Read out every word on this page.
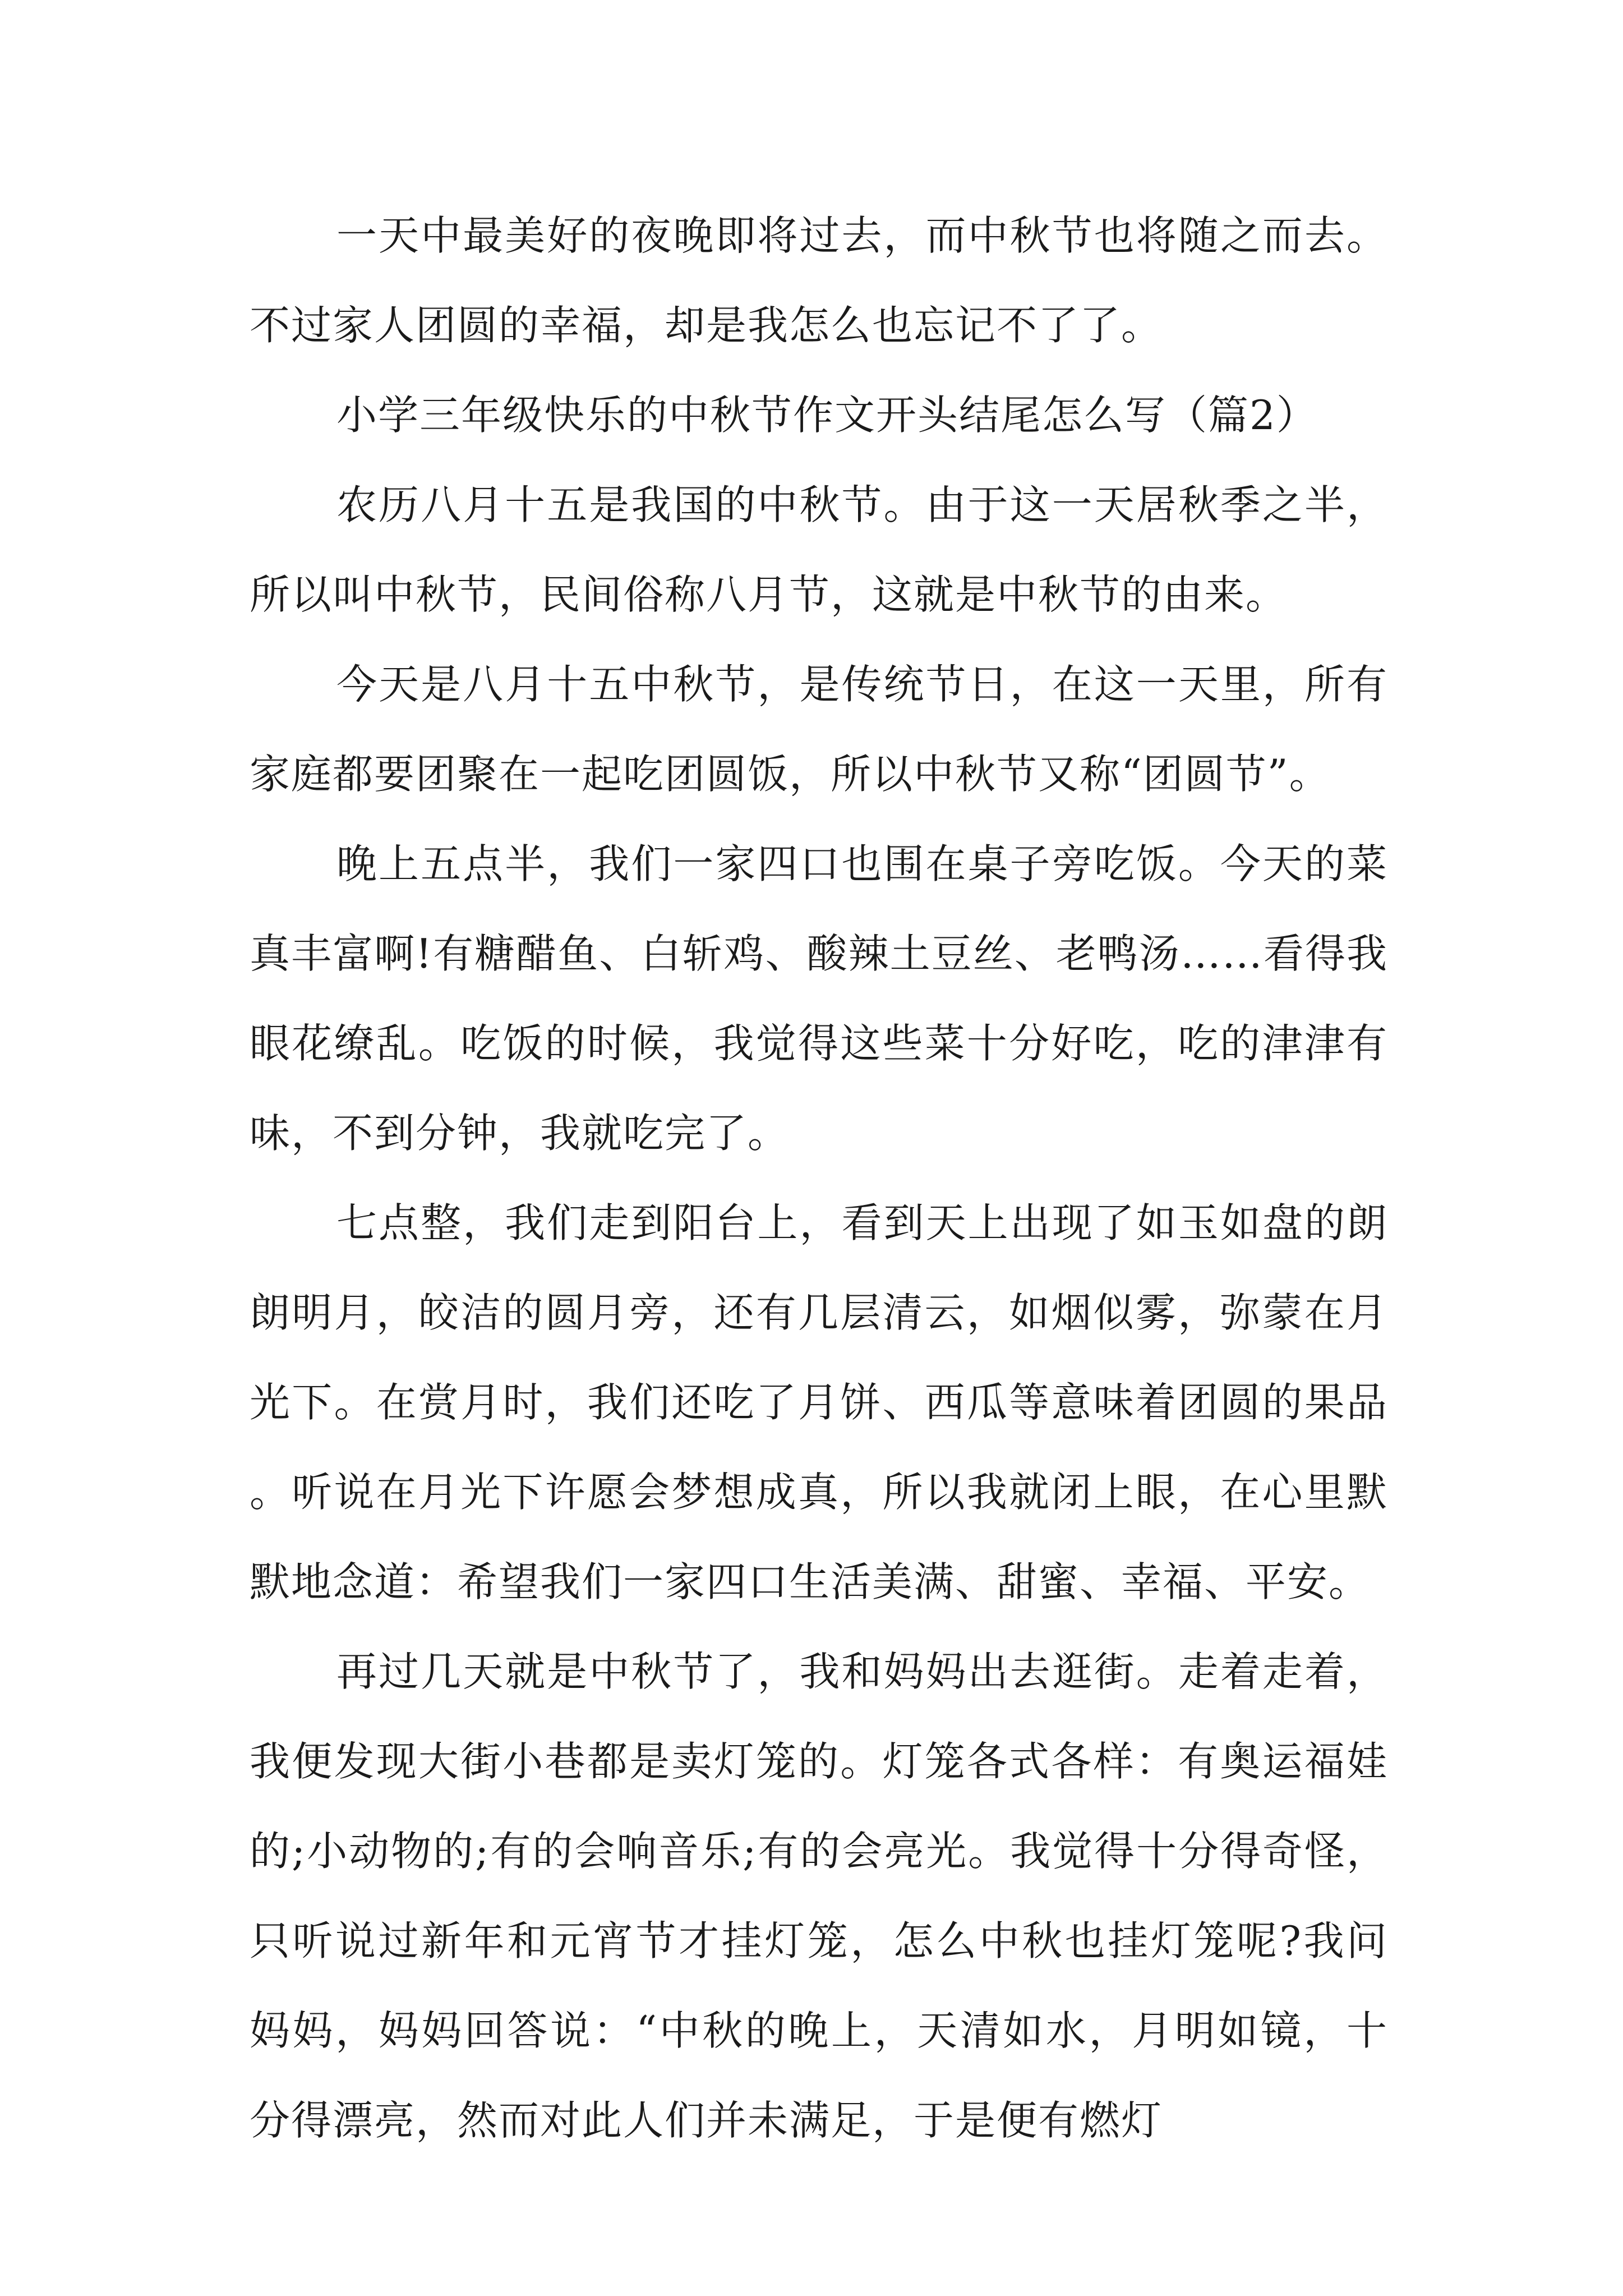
一天中最美好的夜晚即将过去，而中秋节也将随之而去。不过家人团圆的幸福，却是我怎么也忘记不了了。

小学三年级快乐的中秋节作文开头结尾怎么写（篇2）

农历八月十五是我国的中秋节。由于这一天居秋季之半，所以叫中秋节，民间俗称八月节，这就是中秋节的由来。

今天是八月十五中秋节，是传统节日，在这一天里，所有家庭都要团聚在一起吃团圆饭，所以中秋节又称“团圆节”。

晚上五点半，我们一家四口也围在桌子旁吃饭。今天的菜真丰富啊!有糖醋鱼、白斩鸡、酸辣土豆丝、老鸭汤……看得我眼花缭乱。吃饭的时候，我觉得这些菜十分好吃，吃的津津有味，不到分钟，我就吃完了。

七点整，我们走到阳台上，看到天上出现了如玉如盘的朗朗明月，皎洁的圆月旁，还有几层清云，如烟似雾，弥蒙在月光下。在赏月时，我们还吃了月饼、西瓜等意味着团圆的果品。听说在月光下许愿会梦想成真，所以我就闭上眼，在心里默默地念道：希望我们一家四口生活美满、甜蜜、幸福、平安。

再过几天就是中秋节了，我和妈妈出去逛街。走着走着，我便发现大街小巷都是卖灯笼的。灯笼各式各样：有奥运福娃的;小动物的;有的会响音乐;有的会亮光。我觉得十分得奇怪，只听说过新年和元宵节才挂灯笼，怎么中秋也挂灯笼呢?我问妈妈，妈妈回答说：“中秋的晚上，天清如水，月明如镜，十分得漂亮，然而对此人们并未满足，于是便有燃灯
